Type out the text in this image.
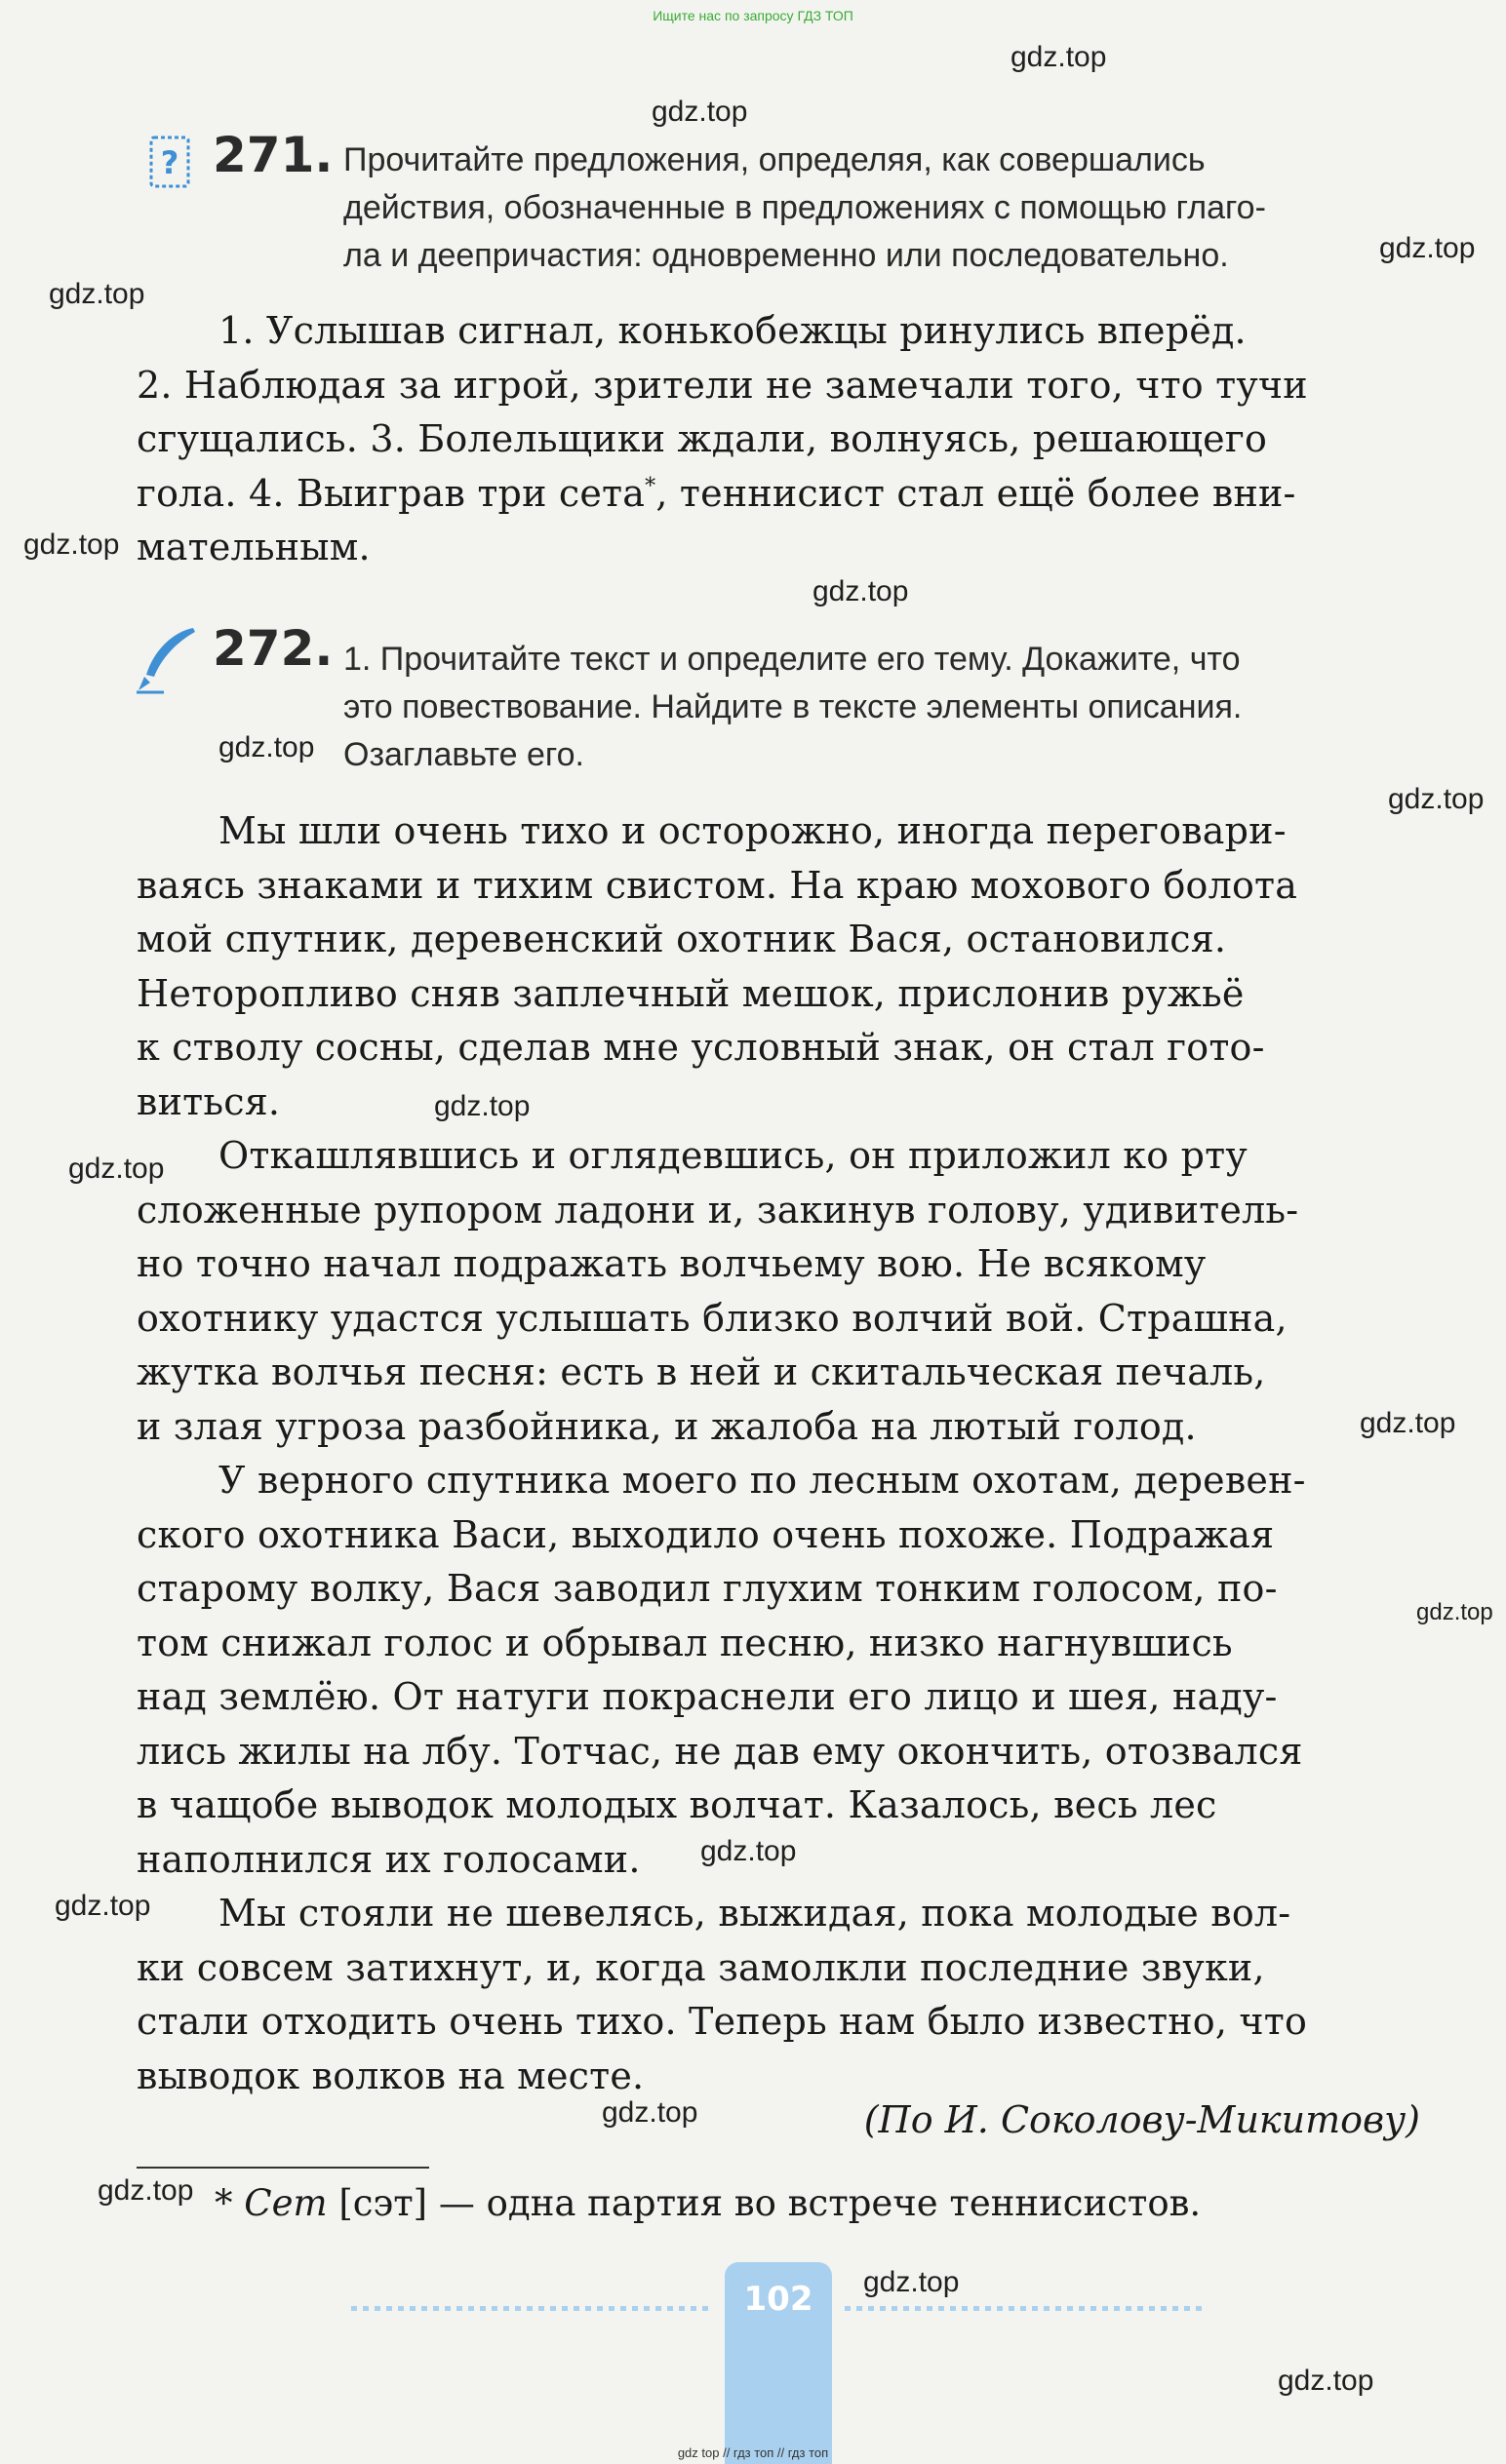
Ищите нас по запросу ГДЗ ТОП
gdz.top
gdz.top
gdz.top
gdz.top
gdz.top
gdz.top
gdz.top
gdz.top
gdz.top
gdz.top
gdz.top
gdz.top
gdz.top
gdz.top
gdz.top
gdz.top
gdz.top
gdz.top
? 271. Прочитайте предложения, определяя, как совершались
действия, обозначенные в предложениях с помощью глаго-
ла и деепричастия: одновременно или последовательно.
1. Услышав сигнал, конькобежцы ринулись вперёд.
2. Наблюдая за игрой, зрители не замечали того, что тучи
сгущались. 3. Болельщики ждали, волнуясь, решающего
гола. 4. Выиграв три сета*, теннисист стал ещё более вни-
мательным.
272. 1. Прочитайте текст и определите его тему. Докажите, что
это повествование. Найдите в тексте элементы описания.
Озаглавьте его.
Мы шли очень тихо и осторожно, иногда переговари-
ваясь знаками и тихим свистом. На краю мохового болота
мой спутник, деревенский охотник Вася, остановился.
Неторопливо сняв заплечный мешок, прислонив ружьё
к стволу сосны, сделав мне условный знак, он стал гото-
виться.
Откашлявшись и оглядевшись, он приложил ко рту
сложенные рупором ладони и, закинув голову, удивитель-
но точно начал подражать волчьему вою. Не всякому
охотнику удастся услышать близко волчий вой. Страшна,
жутка волчья песня: есть в ней и скитальческая печаль,
и злая угроза разбойника, и жалоба на лютый голод.
У верного спутника моего по лесным охотам, деревен-
ского охотника Васи, выходило очень похоже. Подражая
старому волку, Вася заводил глухим тонким голосом, по-
том снижал голос и обрывал песню, низко нагнувшись
над землёю. От натуги покраснели его лицо и шея, наду-
лись жилы на лбу. Тотчас, не дав ему окончить, отозвался
в чащобе выводок молодых волчат. Казалось, весь лес
наполнился их голосами.
Мы стояли не шевелясь, выжидая, пока молодые вол-
ки совсем затихнут, и, когда замолкли последние звуки,
стали отходить очень тихо. Теперь нам было известно, что
выводок волков на месте.
(По И. Соколову-Микитову)
* Сет [сэт] — одна партия во встрече теннисистов.
102
gdz top // гдз топ // гдз топ
